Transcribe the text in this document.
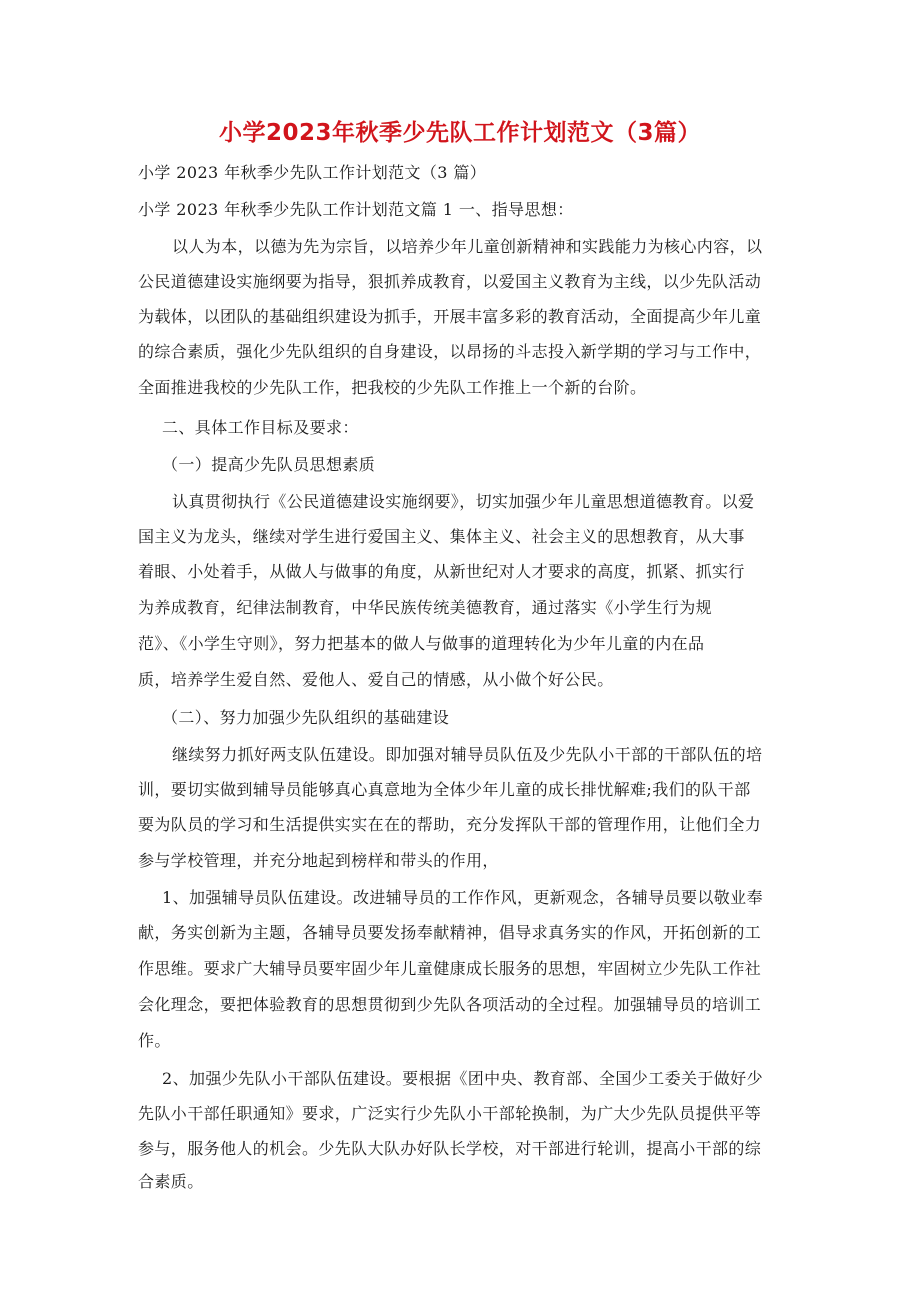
小学2023年秋季少先队工作计划范文（3篇）
小学 2023 年秋季少先队工作计划范文（3 篇）
小学 2023 年秋季少先队工作计划范文篇 1 一、指导思想：
以人为本，以德为先为宗旨，以培养少年儿童创新精神和实践能力为核心内容，以
公民道德建设实施纲要为指导，狠抓养成教育，以爱国主义教育为主线，以少先队活动
为载体，以团队的基础组织建设为抓手，开展丰富多彩的教育活动，全面提高少年儿童
的综合素质，强化少先队组织的自身建设，以昂扬的斗志投入新学期的学习与工作中，
全面推进我校的少先队工作，把我校的少先队工作推上一个新的台阶。
二、具体工作目标及要求：
（一）提高少先队员思想素质
认真贯彻执行《公民道德建设实施纲要》，切实加强少年儿童思想道德教育。以爱
国主义为龙头，继续对学生进行爱国主义、集体主义、社会主义的思想教育，从大事
着眼、小处着手，从做人与做事的角度，从新世纪对人才要求的高度，抓紧、抓实行
为养成教育，纪律法制教育，中华民族传统美德教育，通过落实《小学生行为规
范》、《小学生守则》，努力把基本的做人与做事的道理转化为少年儿童的内在品
质，培养学生爱自然、爱他人、爱自己的情感，从小做个好公民。
（二）、努力加强少先队组织的基础建设
继续努力抓好两支队伍建设。即加强对辅导员队伍及少先队小干部的干部队伍的培
训，要切实做到辅导员能够真心真意地为全体少年儿童的成长排忧解难;我们的队干部
要为队员的学习和生活提供实实在在的帮助，充分发挥队干部的管理作用，让他们全力
参与学校管理，并充分地起到榜样和带头的作用，
1、加强辅导员队伍建设。改进辅导员的工作作风，更新观念，各辅导员要以敬业奉
献，务实创新为主题，各辅导员要发扬奉献精神，倡导求真务实的作风，开拓创新的工
作思维。要求广大辅导员要牢固少年儿童健康成长服务的思想，牢固树立少先队工作社
会化理念，要把体验教育的思想贯彻到少先队各项活动的全过程。加强辅导员的培训工
作。
2、加强少先队小干部队伍建设。要根据《团中央、教育部、全国少工委关于做好少
先队小干部任职通知》要求，广泛实行少先队小干部轮换制，为广大少先队员提供平等
参与，服务他人的机会。少先队大队办好队长学校，对干部进行轮训，提高小干部的综
合素质。
